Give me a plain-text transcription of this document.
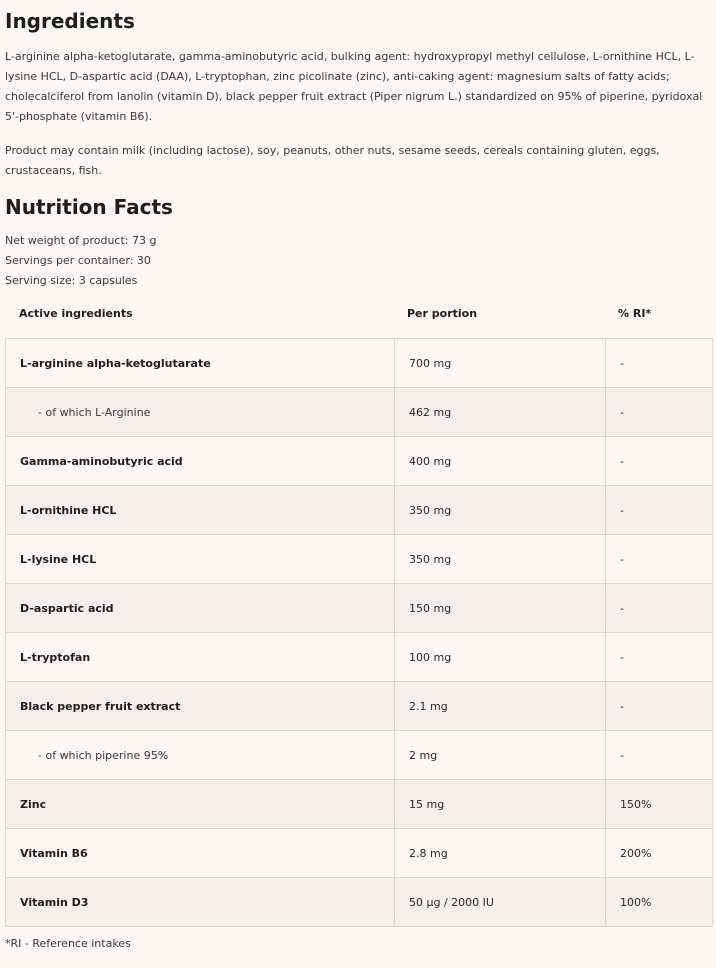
Ingredients

L-arginine alpha-ketoglutarate, gamma-aminobutyric acid, bulking agent: hydroxypropyl methyl cellulose, L-ornithine HCL, L-lysine HCL, D-aspartic acid (DAA), L-tryptophan, zinc picolinate (zinc), anti-caking agent: magnesium salts of fatty acids; cholecalciferol from lanolin (vitamin D), black pepper fruit extract (Piper nigrum L.) standardized on 95% of piperine, pyridoxal 5'-phosphate (vitamin B6).

Product may contain milk (including lactose), soy, peanuts, other nuts, sesame seeds, cereals containing gluten, eggs, crustaceans, fish.

Nutrition Facts
Net weight of product: 73 g
Servings per container: 30
Serving size: 3 capsules
Active ingredients	Per portion	% RI*
L-arginine alpha-ketoglutarate	700 mg	-
- of which L-Arginine	462 mg	-
Gamma-aminobutyric acid	400 mg	-
L-ornithine HCL	350 mg	-
L-lysine HCL	350 mg	-
D-aspartic acid	150 mg	-
L-tryptofan	100 mg	-
Black pepper fruit extract	2.1 mg	-
- of which piperine 95%	2 mg	-
Zinc	15 mg	150%
Vitamin B6	2.8 mg	200%
Vitamin D3	50 µg / 2000 IU	100%
*RI - Reference intakes
